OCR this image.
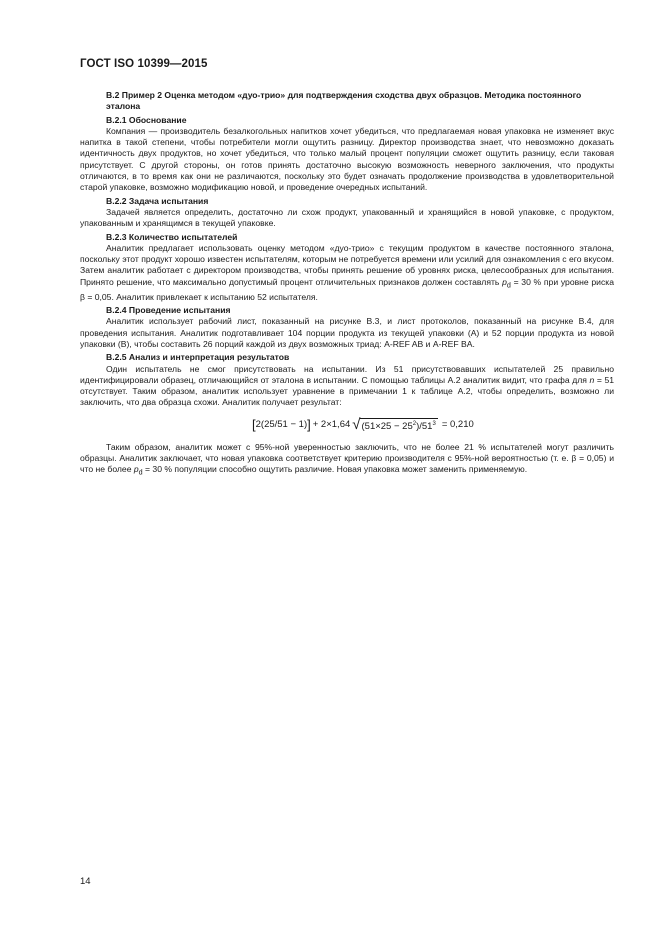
ГОСТ ISO 10399—2015
B.2 Пример 2 Оценка методом «дуо-трио» для подтверждения сходства двух образцов. Методика постоянного эталона
B.2.1 Обоснование

Компания — производитель безалкогольных напитков хочет убедиться, что предлагаемая новая упаковка не изменяет вкус напитка в такой степени, чтобы потребители могли ощутить разницу. Директор производства знает, что невозможно доказать идентичность двух продуктов, но хочет убедиться, что только малый процент популяции сможет ощутить разницу, если таковая присутствует. С другой стороны, он готов принять достаточно высокую возможность неверного заключения, что продукты отличаются, в то время как они не различаются, поскольку это будет означать продолжение производства в удовлетворительной старой упаковке, возможно модификацию новой, и проведение очередных испытаний.

B.2.2 Задача испытания

Задачей является определить, достаточно ли схож продукт, упакованный и хранящийся в новой упаковке, с продуктом, упакованным и хранящимся в текущей упаковке.

B.2.3 Количество испытателей

Аналитик предлагает использовать оценку методом «дуо-трио» с текущим продуктом в качестве постоянного эталона, поскольку этот продукт хорошо известен испытателям, которым не потребуется времени или усилий для ознакомления с его вкусом. Затем аналитик работает с директором производства, чтобы принять решение об уровнях риска, целесообразных для испытания. Принято решение, что максимально допустимый процент отличительных признаков должен составлять $p_d = 30$ % при уровне риска β = 0,05. Аналитик привлекает к испытанию 52 испытателя.

B.2.4 Проведение испытания

Аналитик использует рабочий лист, показанный на рисунке B.3, и лист протоколов, показанный на рисунке B.4, для проведения испытания. Аналитик подготавливает 104 порции продукта из текущей упаковки (A) и 52 порции продукта из новой упаковки (B), чтобы составить 26 порций каждой из двух возможных триад: A-REF AB и A-REF BA.

B.2.5 Анализ и интерпретация результатов

Один испытатель не смог присутствовать на испытании. Из 51 присутствовавших испытателей 25 правильно идентифицировали образец, отличающийся от эталона в испытании. С помощью таблицы A.2 аналитик видит, что графа для n = 51 отсутствует. Таким образом, аналитик использует уравнение в примечании 1 к таблице A.2, чтобы определить, возможно ли заключить, что два образца схожи. Аналитик получает результат:

[ 2(25/51 − 1) ] + 2×1,64 √ $(51\times 25 - 25^2)/51^3 = 0,210$

Таким образом, аналитик может с 95%-ной уверенностью заключить, что не более 21 % испытателей могут различить образцы. Аналитик заключает, что новая упаковка соответствует критерию производителя с 95%-ной вероятностью (т. е. β = 0,05) и что не более $p_d = 30$ % популяции способно ощутить различие. Новая упаковка может заменить применяемую.

14
